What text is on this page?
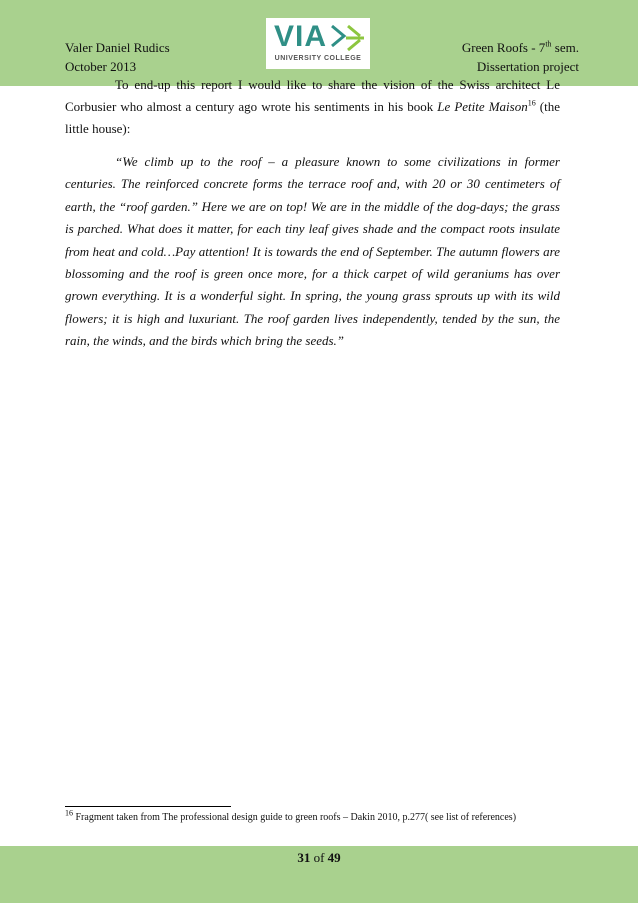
Valer Daniel Rudics
October 2013
VIA
UNIVERSITY COLLEGE
Green Roofs - 7th sem.
Dissertation project
To end-up this report I would like to share the vision of the Swiss architect Le Corbusier who almost a century ago wrote his sentiments in his book Le Petite Maison$^{16}$ (the little house):
“We climb up to the roof – a pleasure known to some civilizations in former centuries. The reinforced concrete forms the terrace roof and, with 20 or 30 centimeters of earth, the “roof garden.” Here we are on top! We are in the middle of the dog-days; the grass is parched. What does it matter, for each tiny leaf gives shade and the compact roots insulate from heat and cold…Pay attention! It is towards the end of September. The autumn flowers are blossoming and the roof is green once more, for a thick carpet of wild geraniums has over grown everything. It is a wonderful sight. In spring, the young grass sprouts up with its wild flowers; it is high and luxuriant. The roof garden lives independently, tended by the sun, the rain, the winds, and the birds which bring the seeds.”
$^{16}$ Fragment taken from The professional design guide to green roofs – Dakin 2010, p.277( see list of references)
31 of 49
